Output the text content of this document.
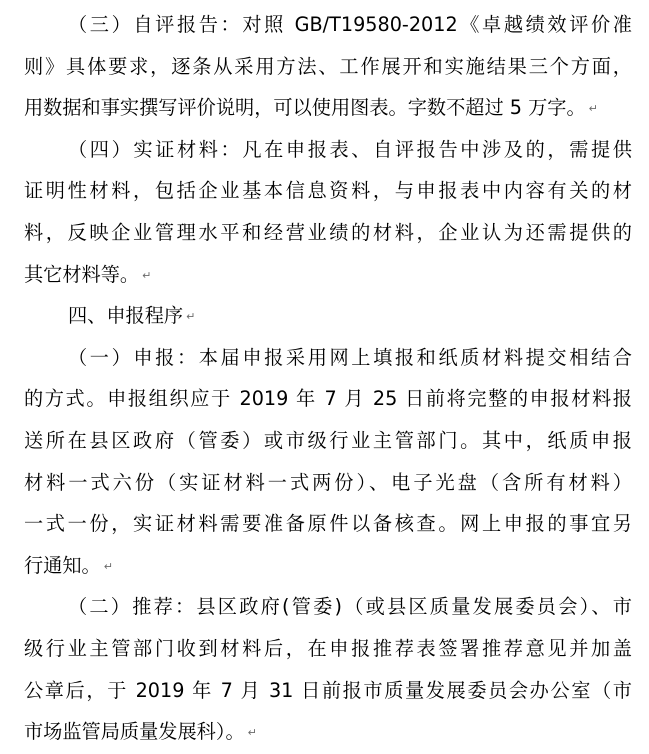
（三）自评报告：对照 GB/T19580-2012《卓越绩效评价准
则》具体要求，逐条从采用方法、工作展开和实施结果三个方面，
用数据和事实撰写评价说明，可以使用图表。字数不超过 5 万字。 ↵
（四）实证材料：凡在申报表、自评报告中涉及的，需提供
证明性材料，包括企业基本信息资料，与申报表中内容有关的材
料，反映企业管理水平和经营业绩的材料，企业认为还需提供的
其它材料等。 ↵
四、申报程序 ↵
（一）申报：本届申报采用网上填报和纸质材料提交相结合
的方式。申报组织应于 2019 年 7 月 25 日前将完整的申报材料报
送所在县区政府（管委）或市级行业主管部门。其中，纸质申报
材料一式六份（实证材料一式两份）、电子光盘（含所有材料）
一式一份，实证材料需要准备原件以备核查。网上申报的事宜另
行通知。 ↵
（二）推荐：县区政府(管委)（或县区质量发展委员会）、市
级行业主管部门收到材料后，在申报推荐表签署推荐意见并加盖
公章后，于 2019 年 7 月 31 日前报市质量发展委员会办公室（市
市场监管局质量发展科）。 ↵
